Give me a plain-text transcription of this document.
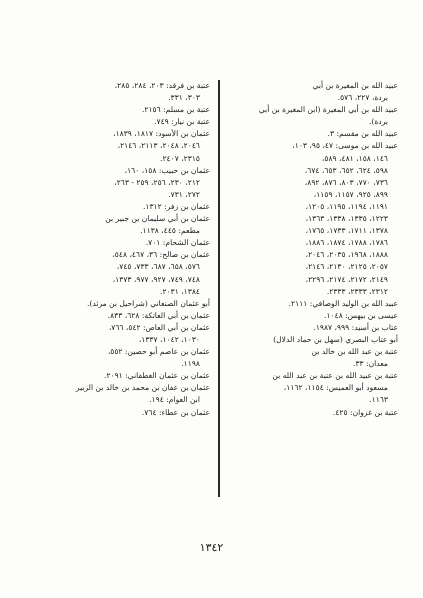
عبيد الله بن المغيرة بن أبي
بردة، ٢٢٧، ٥٧٦.
عبيد الله بن أبي المغيرة (ابن المغيرة بن أبي
بردة).
عبيد الله بن مقسم: ٣.
عبيد الله بن موسى: ٤٧، ٩٥، ١٠٣،
١٤٦، ١٥٨، ٤٨١، ٥٨٩،
٥٩٨، ٦٢٤، ٦٥٢، ٦٥٣، ٦٧٤،
٧٣٦، ٧٧٠، ٨٠٣، ٨٧٦، ٨٩٢،
٨٩٩، ٩٢٥، ١١٥٧، ١١٥٩،
١١٩١، ١١٩٤، ١١٩٥، ١٢٠٥،
١٢٢٣، ١٣٣٥، ١٣٣٨، ١٣٦٣،
١٣٧٨، ١٧١١، ١٧٣٣، ١٧٦٥،
١٧٨٦، ١٧٨٨، ١٨٧٤، ١٨٨٦،
١٨٨٨، ١٩٦٨، ٢٠٣٥، ٢٠٤٦،
٢٠٥٧، ٢١٢٥، ٢١٣٠، ٢١٤٦،
٢١٤٩، ٢١٧٢، ٢١٧٤، ٢٢٩٦،
٢٣١٢، ٢٣٣٣، ٢٣٣٣.
عبيد الله بن الوليد الوصافي: ٢١١١.
عيسى بن بيهس: ١٠٤٨.
عتاب بن أسيد: ٩٩٩، ١٩٨٧.
أبو عتاب البصري (سهل بن حماد الدلال)
عتبة بن عبد الله بن خالد بن
معدان: ٣٣.
عتبة بن عبيد الله بن عتبة بن عبد الله بن
مسعود أبو العميس: ١١٥٤، ١١٦٢،
١١٦٣.
عتبة بن غزوان: ٤٢٥.
عتبة بن فرقد: ٢٠٣، ٢٨٤، ٢٨٥،
٣٠٣، ٣٣١.
عتبة بن مسلم: ٢١٥٦.
عتبة بن نيار: ٧٤٩.
عثمان بن الأسود: ١٨١٧، ١٨٣٩،
٢٠٤٦، ٢٠٤٨، ٢١١٣، ٢١٤٦،
٢٣١٥، ٢٤٠٧.
عثمان بن حبيب: ١٥٨، ١٦٠،
٢١٢، ٢٣٠، ٢٥٦، ٢٥٩ - ٢٦٣،
٢٧٢، ٧٣١.
عثمان بن زفر: ١٣١٢.
عثمان بن أبي سليمان بن جبير بن
مطعم: ٤٤٥، ١١٣٨.
عثمان الشحام: ٧٠١.
عثمان بن صالح: ٣٦، ٤٦٧، ٥٤٨،
٥٧٦، ٦٥٨، ٦٨٧، ٧٣٣، ٧٤٥،
٧٤٨، ٧٤٩، ٩٢٧، ٩٧٧، ١٣٧٣،
١٣٨٤، ٢٠٣١.
أبو عثمان الصنعاني (شراحيل بن مرثد).
عثمان بن أبي العاتكة: ٦٢٨، ٨٣٣.
عثمان بن أبي العاص: ٥٤٢، ٧٦٦،
١٠٣٠، ١٠٤٢، ١٣٣٧،
عثمان بن عاصم أبو حصين: ٥٥٢،
١١٩٨.
عثمان بن عثمان الغطفاني: ٢٠٩١.
عثمان بن عفان بن محمد بن خالد بن الزبير
ابن العوام: ١٩٤.
عثمان بن عطاء: ٧٦٤.
١٣٤٢
